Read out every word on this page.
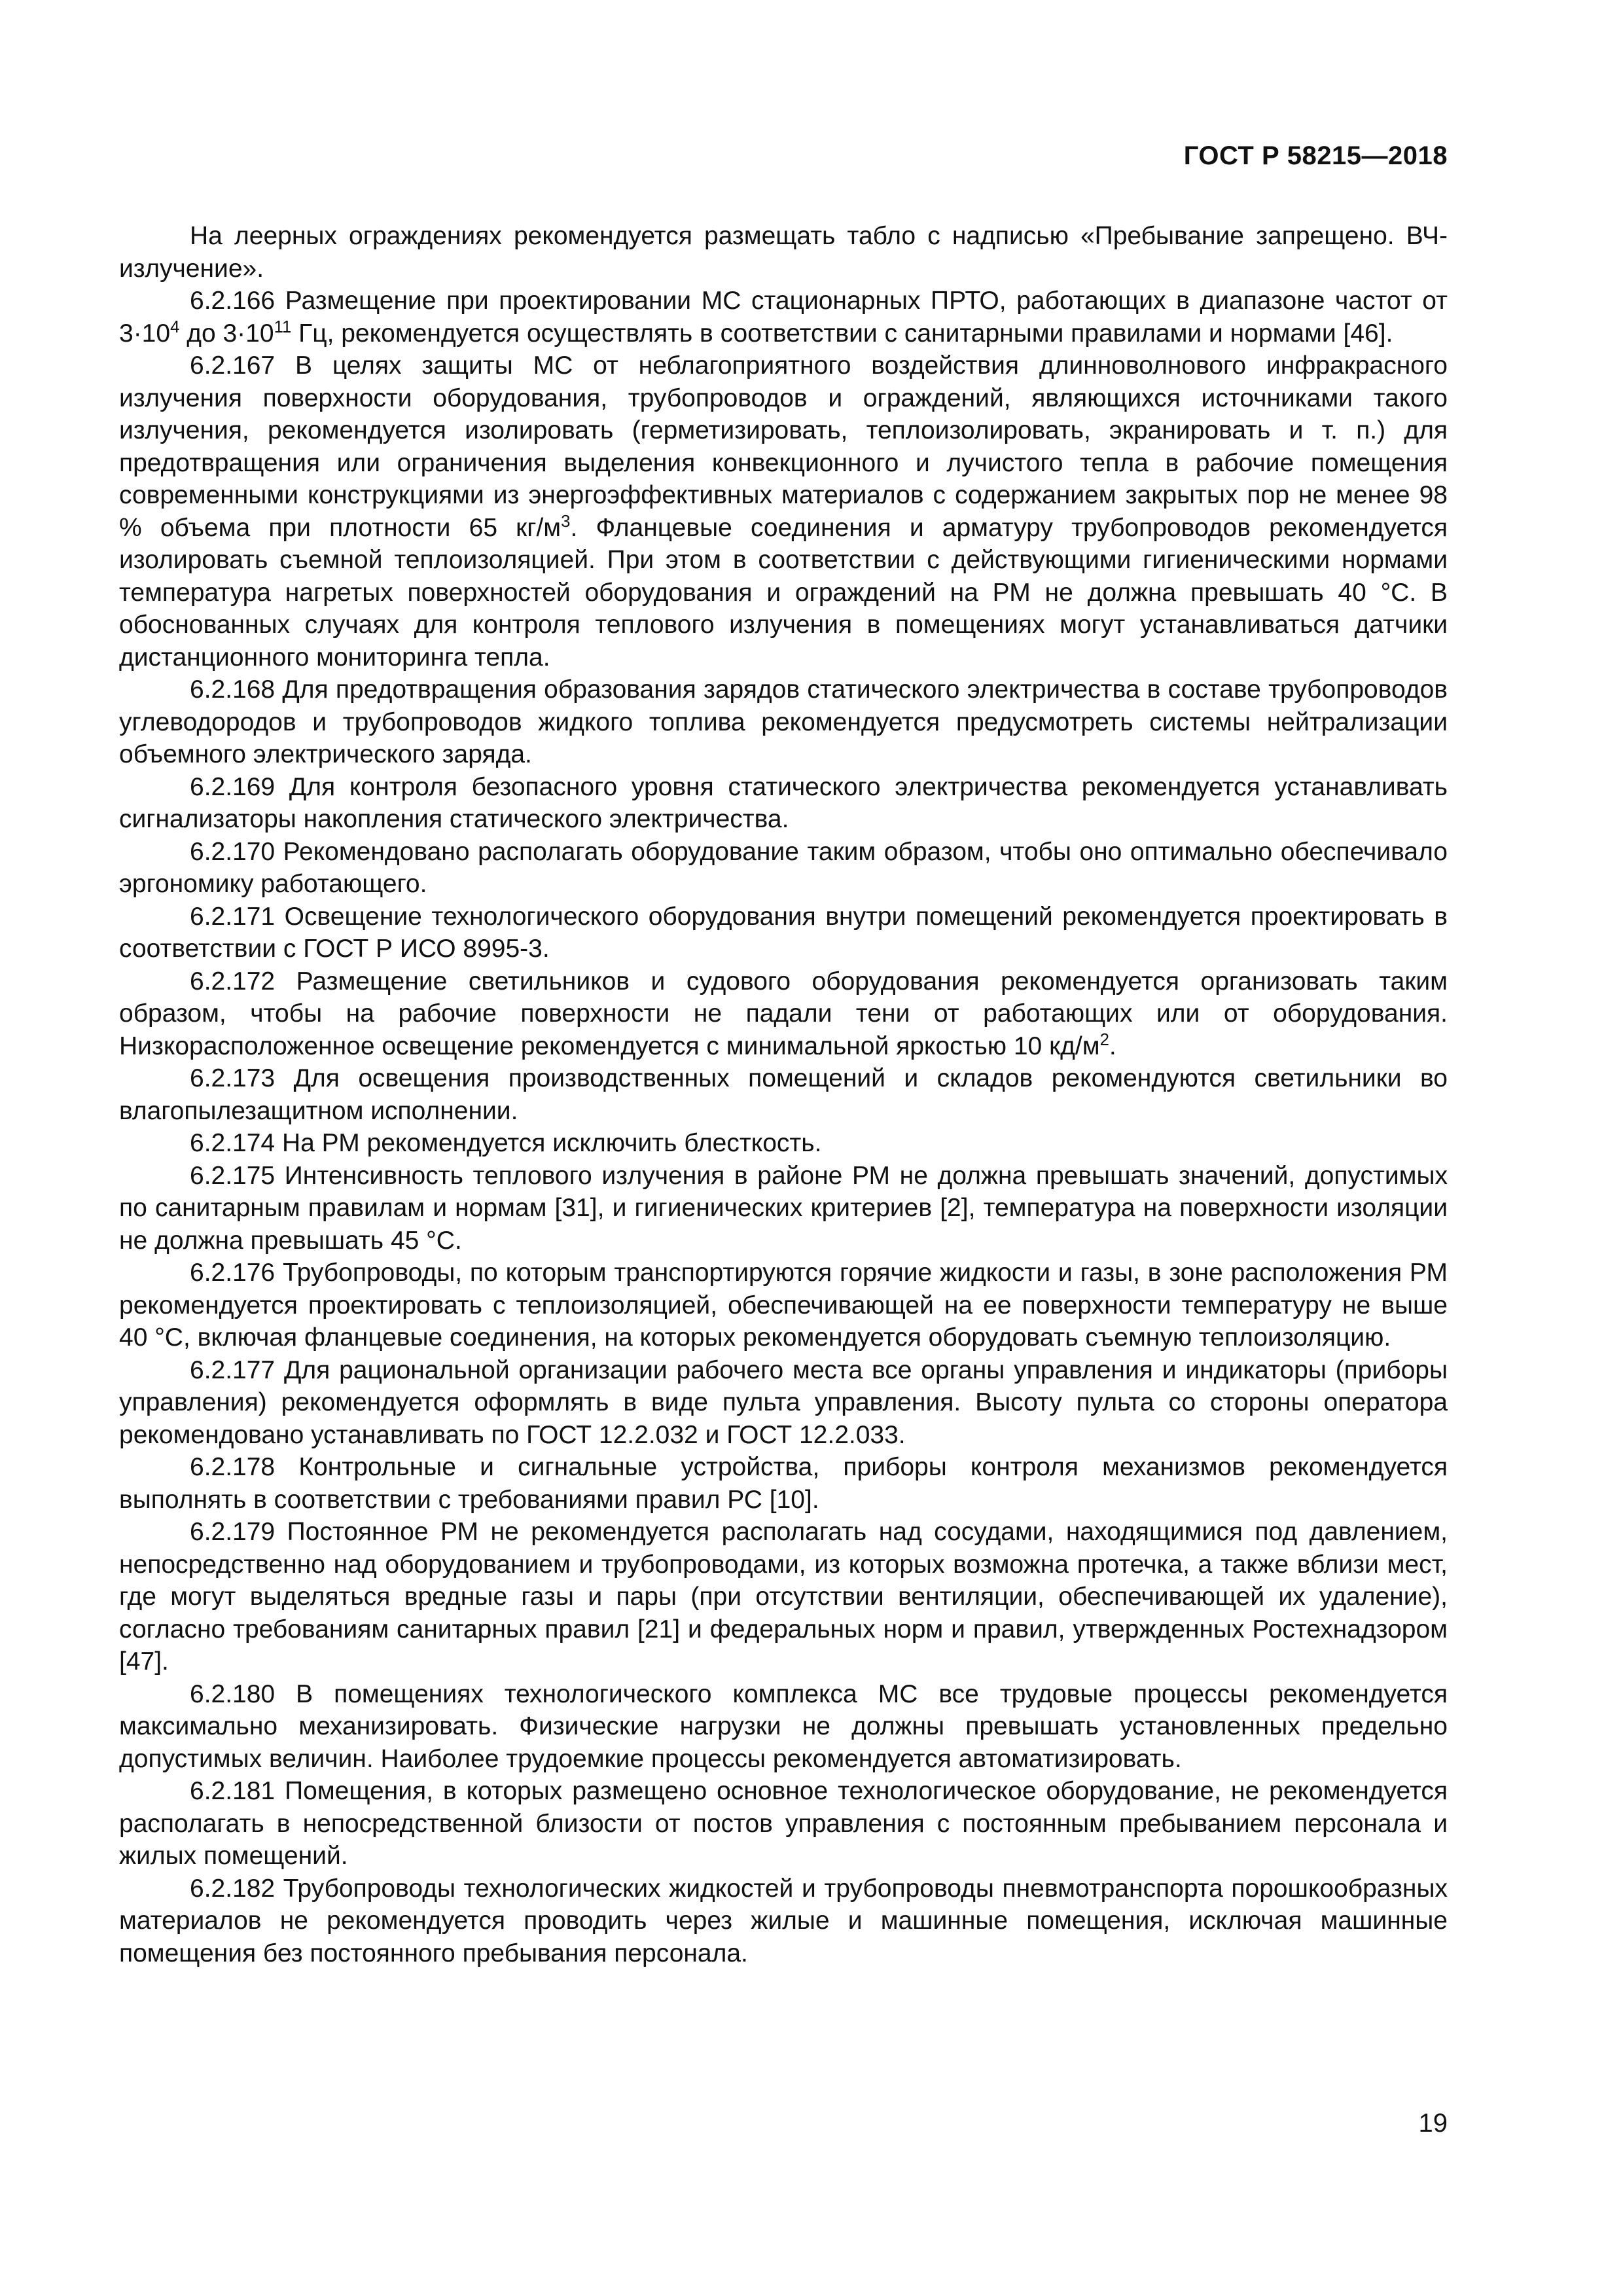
ГОСТ Р 58215—2018

На леерных ограждениях рекомендуется размещать табло с надписью «Пребывание запрещено. ВЧ-излучение».

6.2.166 Размещение при проектировании МС стационарных ПРТО, работающих в диапазоне частот от $3\cdot 10^4$ до $3\cdot 10^{11}$ Гц, рекомендуется осуществлять в соответствии с санитарными правилами и нормами [46].

6.2.167 В целях защиты МС от неблагоприятного воздействия длинноволнового инфракрасного излучения поверхности оборудования, трубопроводов и ограждений, являющихся источниками такого излучения, рекомендуется изолировать (герметизировать, теплоизолировать, экранировать и т. п.) для предотвращения или ограничения выделения конвекционного и лучистого тепла в рабочие помещения современными конструкциями из энергоэффективных материалов с содержанием закрытых пор не менее 98 % объема при плотности 65 $кг/м^3$. Фланцевые соединения и арматуру трубопроводов рекомендуется изолировать съемной теплоизоляцией. При этом в соответствии с действующими гигиеническими нормами температура нагретых поверхностей оборудования и ограждений на РМ не должна превышать 40 °С. В обоснованных случаях для контроля теплового излучения в помещениях могут устанавливаться датчики дистанционного мониторинга тепла.

6.2.168 Для предотвращения образования зарядов статического электричества в составе трубопроводов углеводородов и трубопроводов жидкого топлива рекомендуется предусмотреть системы нейтрализации объемного электрического заряда.

6.2.169 Для контроля безопасного уровня статического электричества рекомендуется устанавливать сигнализаторы накопления статического электричества.

6.2.170 Рекомендовано располагать оборудование таким образом, чтобы оно оптимально обеспечивало эргономику работающего.

6.2.171 Освещение технологического оборудования внутри помещений рекомендуется проектировать в соответствии с ГОСТ Р ИСО 8995-3.

6.2.172 Размещение светильников и судового оборудования рекомендуется организовать таким образом, чтобы на рабочие поверхности не падали тени от работающих или от оборудования. Низкорасположенное освещение рекомендуется с минимальной яркостью 10 $кд/м^2$.

6.2.173 Для освещения производственных помещений и складов рекомендуются светильники во влагопылезащитном исполнении.

6.2.174 На РМ рекомендуется исключить блесткость.

6.2.175 Интенсивность теплового излучения в районе РМ не должна превышать значений, допустимых по санитарным правилам и нормам [31], и гигиенических критериев [2], температура на поверхности изоляции не должна превышать 45 °С.

6.2.176 Трубопроводы, по которым транспортируются горячие жидкости и газы, в зоне расположения РМ рекомендуется проектировать с теплоизоляцией, обеспечивающей на ее поверхности температуру не выше 40 °С, включая фланцевые соединения, на которых рекомендуется оборудовать съемную теплоизоляцию.

6.2.177 Для рациональной организации рабочего места все органы управления и индикаторы (приборы управления) рекомендуется оформлять в виде пульта управления. Высоту пульта со стороны оператора рекомендовано устанавливать по ГОСТ 12.2.032 и ГОСТ 12.2.033.

6.2.178 Контрольные и сигнальные устройства, приборы контроля механизмов рекомендуется выполнять в соответствии с требованиями правил РС [10].

6.2.179 Постоянное РМ не рекомендуется располагать над сосудами, находящимися под давлением, непосредственно над оборудованием и трубопроводами, из которых возможна протечка, а также вблизи мест, где могут выделяться вредные газы и пары (при отсутствии вентиляции, обеспечивающей их удаление), согласно требованиям санитарных правил [21] и федеральных норм и правил, утвержденных Ростехнадзором [47].

6.2.180 В помещениях технологического комплекса МС все трудовые процессы рекомендуется максимально механизировать. Физические нагрузки не должны превышать установленных предельно допустимых величин. Наиболее трудоемкие процессы рекомендуется автоматизировать.

6.2.181 Помещения, в которых размещено основное технологическое оборудование, не рекомендуется располагать в непосредственной близости от постов управления с постоянным пребыванием персонала и жилых помещений.

6.2.182 Трубопроводы технологических жидкостей и трубопроводы пневмотранспорта порошкообразных материалов не рекомендуется проводить через жилые и машинные помещения, исключая машинные помещения без постоянного пребывания персонала.

19
